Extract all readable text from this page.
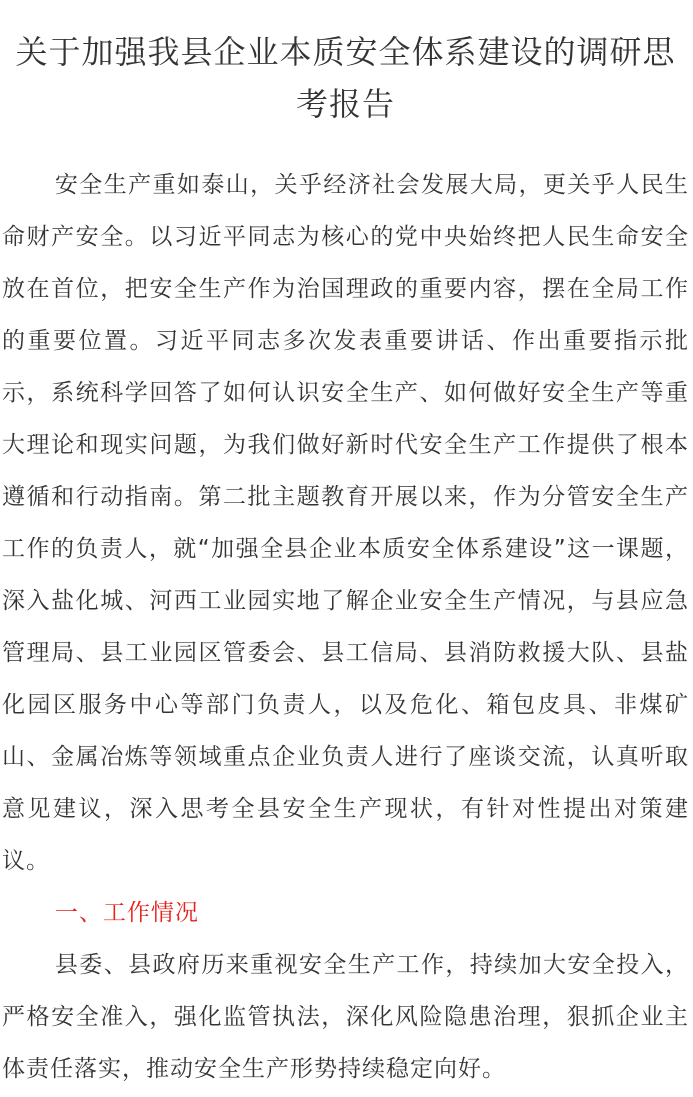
关于加强我县企业本质安全体系建设的调研思考报告

安全生产重如泰山，关乎经济社会发展大局，更关乎人民生命财产安全。以习近平同志为核心的党中央始终把人民生命安全放在首位，把安全生产作为治国理政的重要内容，摆在全局工作的重要位置。习近平同志多次发表重要讲话、作出重要指示批示，系统科学回答了如何认识安全生产、如何做好安全生产等重大理论和现实问题，为我们做好新时代安全生产工作提供了根本遵循和行动指南。第二批主题教育开展以来，作为分管安全生产工作的负责人，就“加强全县企业本质安全体系建设”这一课题，深入盐化城、河西工业园实地了解企业安全生产情况，与县应急管理局、县工业园区管委会、县工信局、县消防救援大队、县盐化园区服务中心等部门负责人，以及危化、箱包皮具、非煤矿山、金属冶炼等领域重点企业负责人进行了座谈交流，认真听取意见建议，深入思考全县安全生产现状，有针对性提出对策建议。

一、工作情况

县委、县政府历来重视安全生产工作，持续加大安全投入，严格安全准入，强化监管执法，深化风险隐患治理，狠抓企业主体责任落实，推动安全生产形势持续稳定向好。
